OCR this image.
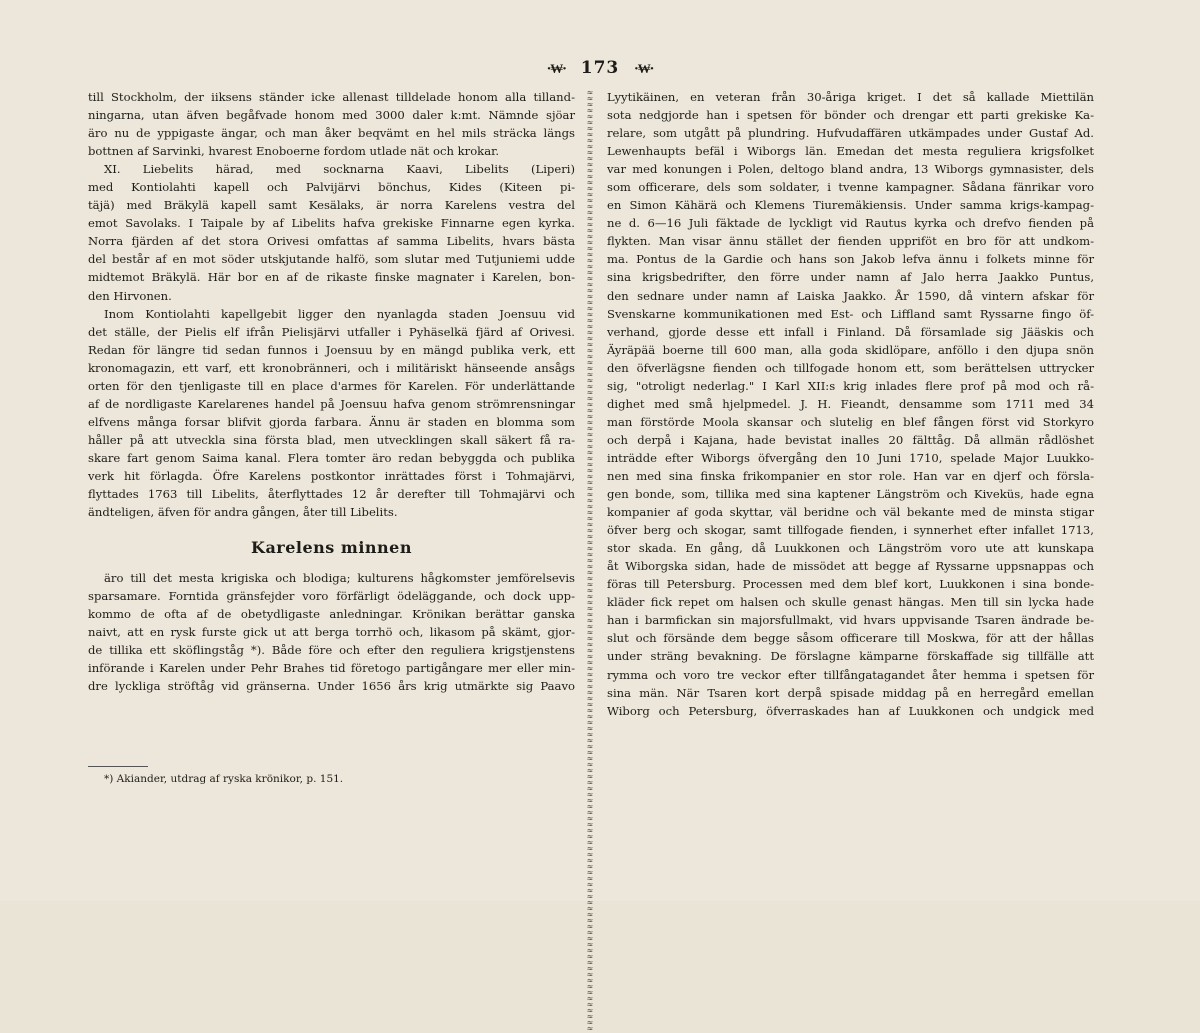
·₩· 173 ·₩·
till Stockholm, der iiksens ständer icke allenast tilldelade honom alla tilland-
ningarna, utan äfven begåfvade honom med 3000 daler k:mt. Nämnde sjöar
äro nu de yppigaste ängar, och man åker beqvämt en hel mils sträcka längs
bottnen af Sarvinki, hvarest Enoboerne fordom utlade nät och krokar.
XI. Liebelits härad, med socknarna Kaavi, Libelits (Liperi)
med Kontiolahti kapell och Palvijärvi bönchus, Kides (Kiteen pi-
täjä) med Bräkylä kapell samt Kesälaks, är norra Karelens vestra del
emot Savolaks. I Taipale by af Libelits hafva grekiske Finnarne egen kyrka.
Norra fjärden af det stora Orivesi omfattas af samma Libelits, hvars bästa
del består af en mot söder utskjutande halfö, som slutar med Tutjuniemi udde
midtemot Bräkylä. Här bor en af de rikaste finske magnater i Karelen, bon-
den Hirvonen.
Inom Kontiolahti kapellgebit ligger den nyanlagda staden Joensuu vid
det ställe, der Pielis elf ifrån Pielisjärvi utfaller i Pyhäselkä fjärd af Orivesi.
Redan för längre tid sedan funnos i Joensuu by en mängd publika verk, ett
kronomagazin, ett varf, ett kronobränneri, och i militäriskt hänseende ansågs
orten för den tjenligaste till en place d'armes för Karelen. För underlättande
af de nordligaste Karelarenes handel på Joensuu hafva genom strömrensningar
elfvens många forsar blifvit gjorda farbara. Ännu är staden en blomma som
håller på att utveckla sina första blad, men utvecklingen skall säkert få ra-
skare fart genom Saima kanal. Flera tomter äro redan bebyggda och publika
verk hit förlagda. Öfre Karelens postkontor inrättades först i Tohmajärvi,
flyttades 1763 till Libelits, återflyttades 12 år derefter till Tohmajärvi och
ändteligen, äfven för andra gången, åter till Libelits.
Karelens minnen
äro till det mesta krigiska och blodiga; kulturens hågkomster jemförelsevis
sparsamare. Forntida gränsfejder voro förfärligt ödeläggande, och dock upp-
kommo de ofta af de obetydligaste anledningar. Krönikan berättar ganska
naivt, att en rysk furste gick ut att berga torrhö och, likasom på skämt, gjor-
de tillika ett sköflingståg *). Både före och efter den reguliera krigstjenstens
införande i Karelen under Pehr Brahes tid företogo partigångare mer eller min-
dre lyckliga ströftåg vid gränserna. Under 1656 års krig utmärkte sig Paavo
≈≈≈≈≈≈≈≈≈≈≈≈≈≈≈≈≈≈≈≈≈≈≈≈≈≈≈≈≈≈≈≈≈≈≈≈≈≈≈≈≈≈≈≈≈≈≈≈≈≈≈≈≈≈≈≈≈≈≈≈≈≈≈≈≈≈≈≈≈≈≈≈≈≈≈≈≈≈≈≈≈≈≈≈≈≈≈≈≈≈≈≈≈≈≈≈≈≈≈≈≈≈≈≈≈≈≈≈≈≈≈≈≈≈≈≈≈≈≈≈≈≈≈≈≈≈≈≈≈≈≈≈≈≈≈≈≈≈≈≈≈≈≈≈≈≈≈≈≈≈≈≈≈≈≈≈≈
Lyytikäinen, en veteran från 30-åriga kriget. I det så kallade Miettilän
sota nedgjorde han i spetsen för bönder och drengar ett parti grekiske Ka-
relare, som utgått på plundring. Hufvudaffären utkämpades under Gustaf Ad.
Lewenhaupts befäl i Wiborgs län. Emedan det mesta reguliera krigsfolket
var med konungen i Polen, deltogo bland andra, 13 Wiborgs gymnasister, dels
som officerare, dels som soldater, i tvenne kampagner. Sådana fänrikar voro
en Simon Kähärä och Klemens Tiuremäkiensis. Under samma krigs-kampag-
ne d. 6—16 Juli fäktade de lyckligt vid Rautus kyrka och drefvo fienden på
flykten. Man visar ännu stället der fienden uppriföt en bro för att undkom-
ma. Pontus de la Gardie och hans son Jakob lefva ännu i folkets minne för
sina krigsbedrifter, den förre under namn af Jalo herra Jaakko Puntus,
den sednare under namn af Laiska Jaakko. År 1590, då vintern afskar för
Svenskarne kommunikationen med Est- och Liffland samt Ryssarne fingo öf-
verhand, gjorde desse ett infall i Finland. Då församlade sig Jääskis och
Äyräpää boerne till 600 man, alla goda skidlöpare, anföllo i den djupa snön
den öfverlägsne fienden och tillfogade honom ett, som berättelsen uttrycker
sig, "otroligt nederlag." I Karl XII:s krig inlades flere prof på mod och rå-
dighet med små hjelpmedel. J. H. Fieandt, densamme som 1711 med 34
man förstörde Moola skansar och slutelig en blef fången först vid Storkyro
och derpå i Kajana, hade bevistat inalles 20 fälttåg. Då allmän rådlöshet
inträdde efter Wiborgs öfvergång den 10 Juni 1710, spelade Major Luukko-
nen med sina finska frikompanier en stor role. Han var en djerf och försla-
gen bonde, som, tillika med sina kaptener Längström och Kiveküs, hade egna
kompanier af goda skyttar, väl beridne och väl bekante med de minsta stigar
öfver berg och skogar, samt tillfogade fienden, i synnerhet efter infallet 1713,
stor skada. En gång, då Luukkonen och Längström voro ute att kunskapa
åt Wiborgska sidan, hade de missödet att begge af Ryssarne uppsnappas och
föras till Petersburg. Processen med dem blef kort, Luukkonen i sina bonde-
kläder fick repet om halsen och skulle genast hängas. Men till sin lycka hade
han i barmfickan sin majorsfullmakt, vid hvars uppvisande Tsaren ändrade be-
slut och försände dem begge såsom officerare till Moskwa, för att der hållas
under sträng bevakning. De förslagne kämparne förskaffade sig tillfälle att
rymma och voro tre veckor efter tillfångatagandet åter hemma i spetsen för
sina män. När Tsaren kort derpå spisade middag på en herregård emellan
Wiborg och Petersburg, öfverraskades han af Luukkonen och undgick med
*) Akiander, utdrag af ryska krönikor, p. 151.
